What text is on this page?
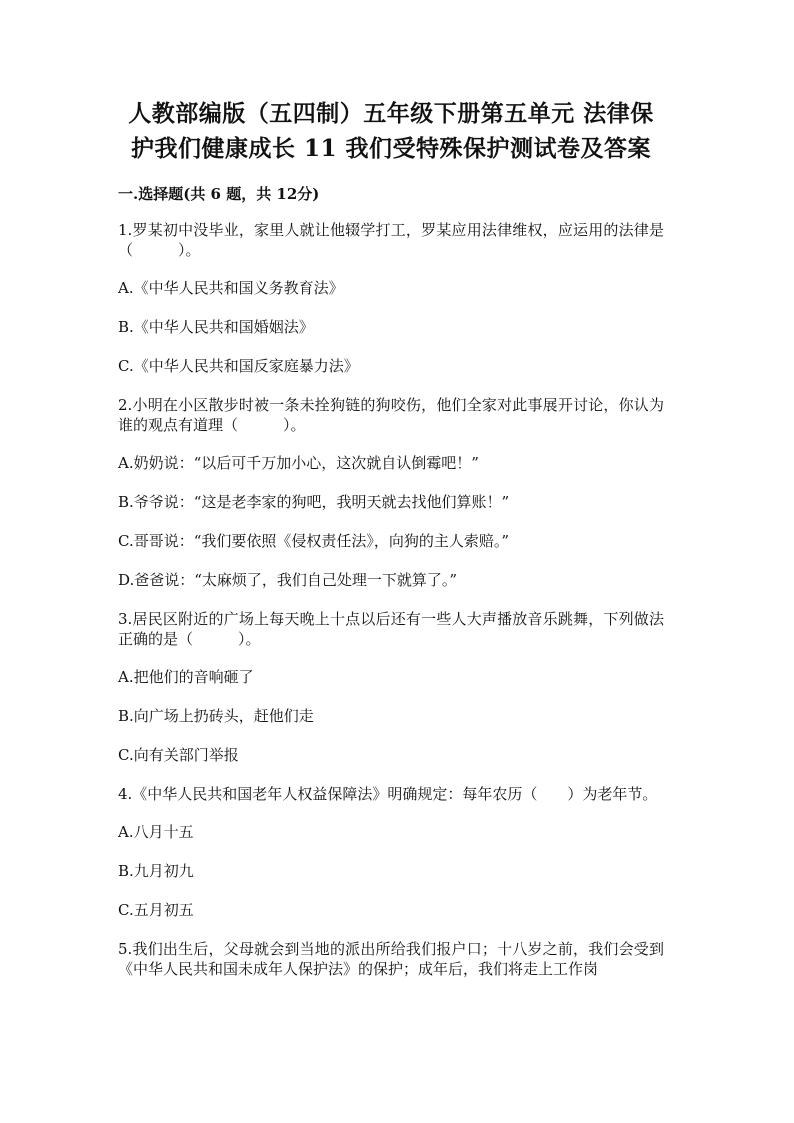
人教部编版（五四制）五年级下册第五单元 法律保
护我们健康成长 11 我们受特殊保护测试卷及答案

一.选择题(共 6 题，共 12分)

1.罗某初中没毕业，家里人就让他辍学打工，罗某应用法律维权，应运用的法律是（　　　）。

A.《中华人民共和国义务教育法》

B.《中华人民共和国婚姻法》

C.《中华人民共和国反家庭暴力法》

2.小明在小区散步时被一条未拴狗链的狗咬伤，他们全家对此事展开讨论，你认为谁的观点有道理（　　　）。

A.奶奶说：“以后可千万加小心，这次就自认倒霉吧！”

B.爷爷说：“这是老李家的狗吧，我明天就去找他们算账！”

C.哥哥说：“我们要依照《侵权责任法》，向狗的主人索赔。”

D.爸爸说：“太麻烦了，我们自己处理一下就算了。”

3.居民区附近的广场上每天晚上十点以后还有一些人大声播放音乐跳舞，下列做法正确的是（　　　）。

A.把他们的音响砸了

B.向广场上扔砖头，赶他们走

C.向有关部门举报

4.《中华人民共和国老年人权益保障法》明确规定：每年农历（　　）为老年节。

A.八月十五

B.九月初九

C.五月初五

5.我们出生后，父母就会到当地的派出所给我们报户口；十八岁之前，我们会受到《中华人民共和国未成年人保护法》的保护；成年后，我们将走上工作岗
